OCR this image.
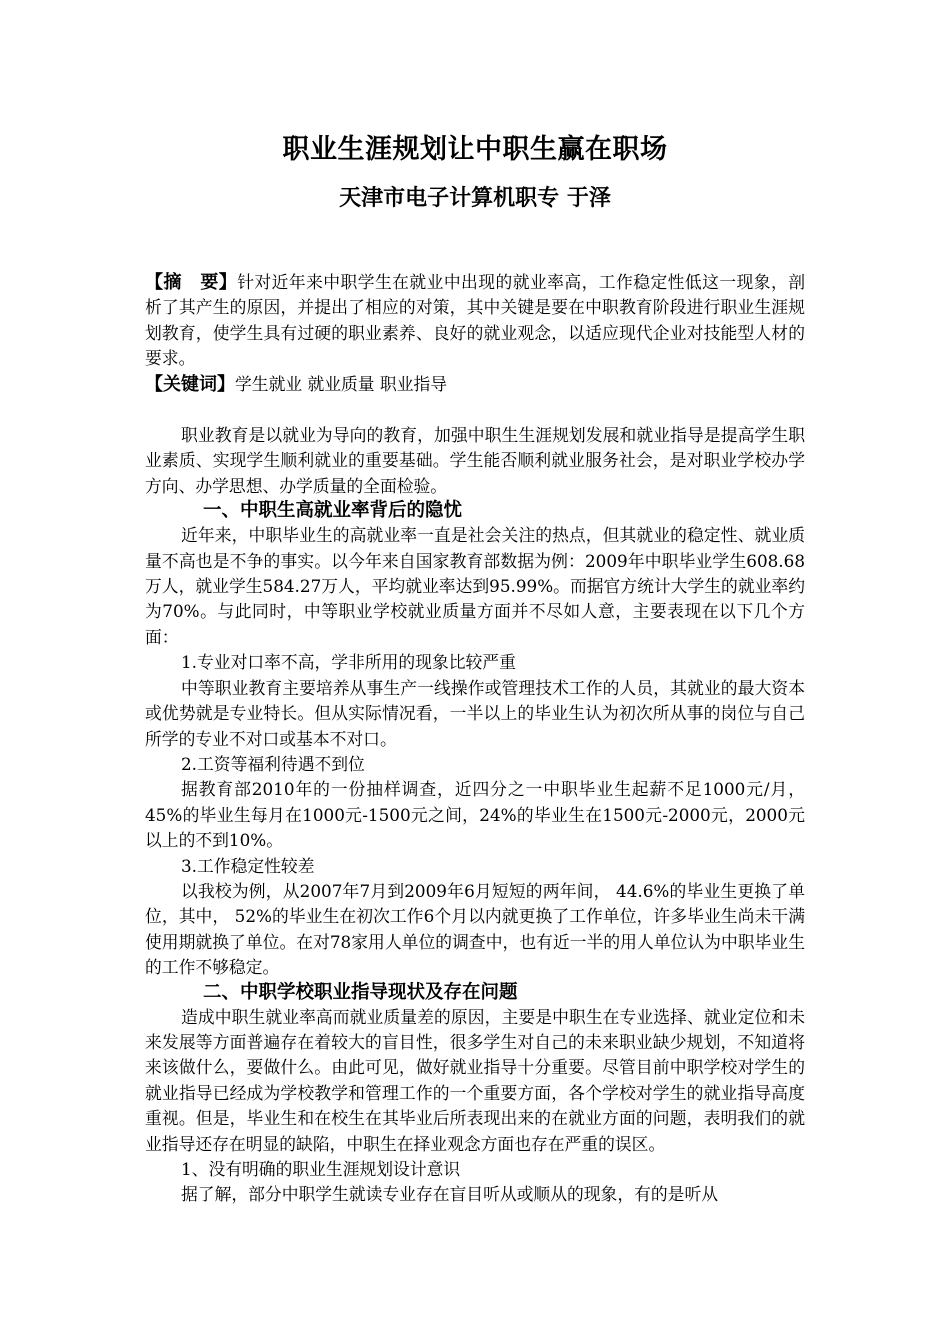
职业生涯规划让中职生赢在职场
天津市电子计算机职专 于泽

【摘　要】针对近年来中职学生在就业中出现的就业率高，工作稳定性低这一现象，剖析了其产生的原因，并提出了相应的对策，其中关键是要在中职教育阶段进行职业生涯规划教育，使学生具有过硬的职业素养、良好的就业观念，以适应现代企业对技能型人材的要求。

【关键词】学生就业 就业质量 职业指导

职业教育是以就业为导向的教育，加强中职生生涯规划发展和就业指导是提高学生职业素质、实现学生顺利就业的重要基础。学生能否顺利就业服务社会，是对职业学校办学方向、办学思想、办学质量的全面检验。

一、中职生高就业率背后的隐忧

近年来，中职毕业生的高就业率一直是社会关注的热点，但其就业的稳定性、就业质量不高也是不争的事实。以今年来自国家教育部数据为例：2009年中职毕业学生608.68万人，就业学生584.27万人，平均就业率达到95.99%。而据官方统计大学生的就业率约为70%。与此同时，中等职业学校就业质量方面并不尽如人意，主要表现在以下几个方面：

1.专业对口率不高，学非所用的现象比较严重

中等职业教育主要培养从事生产一线操作或管理技术工作的人员，其就业的最大资本或优势就是专业特长。但从实际情况看，一半以上的毕业生认为初次所从事的岗位与自己所学的专业不对口或基本不对口。

2.工资等福利待遇不到位

据教育部2010年的一份抽样调查，近四分之一中职毕业生起薪不足1000元/月，45%的毕业生每月在1000元-1500元之间，24%的毕业生在1500元-2000元，2000元以上的不到10%。

3.工作稳定性较差

以我校为例，从2007年7月到2009年6月短短的两年间， 44.6%的毕业生更换了单位，其中， 52%的毕业生在初次工作6个月以内就更换了工作单位，许多毕业生尚未干满使用期就换了单位。在对78家用人单位的调查中，也有近一半的用人单位认为中职毕业生的工作不够稳定。

二、中职学校职业指导现状及存在问题

造成中职生就业率高而就业质量差的原因，主要是中职生在专业选择、就业定位和未来发展等方面普遍存在着较大的盲目性，很多学生对自己的未来职业缺少规划，不知道将来该做什么，要做什么。由此可见，做好就业指导十分重要。尽管目前中职学校对学生的就业指导已经成为学校教学和管理工作的一个重要方面，各个学校对学生的就业指导高度重视。但是，毕业生和在校生在其毕业后所表现出来的在就业方面的问题，表明我们的就业指导还存在明显的缺陷，中职生在择业观念方面也存在严重的误区。

1、没有明确的职业生涯规划设计意识

据了解，部分中职学生就读专业存在盲目听从或顺从的现象，有的是听从
